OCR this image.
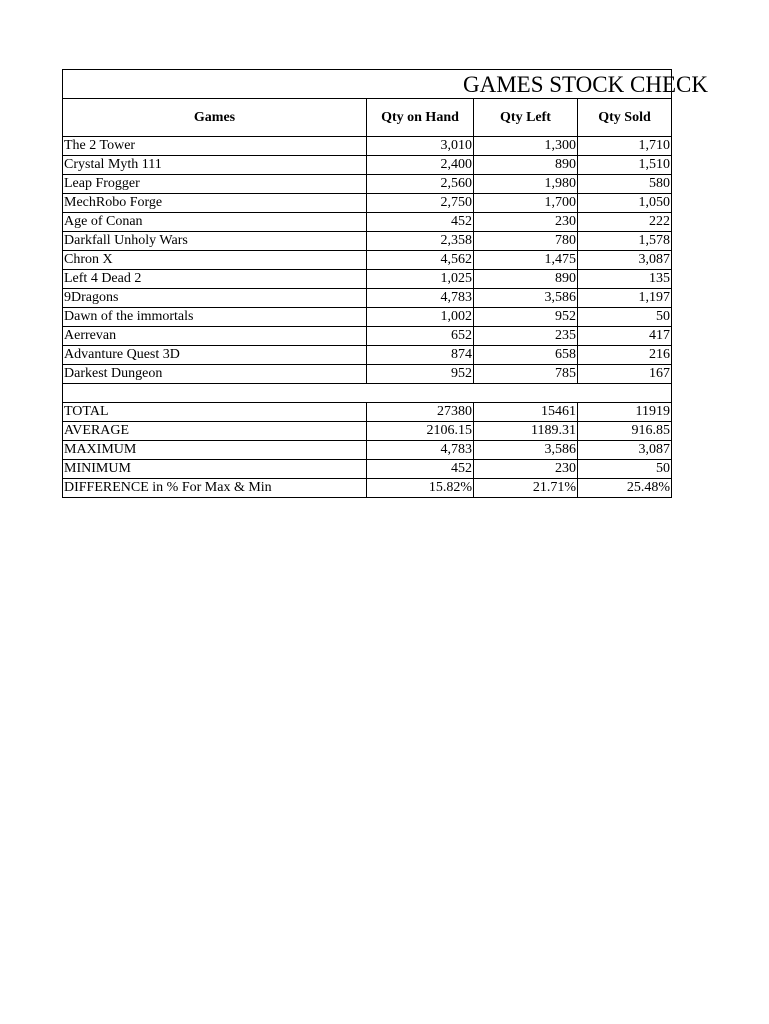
GAMES STOCK CHECK				

Games	Qty on Hand	Qty Left	Qty Sold	
The 2 Tower	3,010	1,300	1,710	
Crystal Myth 111	2,400	890	1,510	
Leap Frogger	2,560	1,980	580	
MechRobo Forge	2,750	1,700	1,050	
Age of Conan	452	230	222	
Darkfall Unholy Wars	2,358	780	1,578	
Chron X	4,562	1,475	3,087	
Left 4 Dead 2	1,025	890	135	
9Dragons	4,783	3,586	1,197	
Dawn of the immortals	1,002	952	50	
Aerrevan	652	235	417	
Advanture Quest 3D	874	658	216	
Darkest Dungeon	952	785	167	

TOTAL	27380	15461	11919	
AVERAGE	2106.15	1189.31	916.85	
MAXIMUM	4,783	3,586	3,087	
MINIMUM	452	230	50	
DIFFERENCE in % For Max & Min	15.82%	21.71%	25.48%	
